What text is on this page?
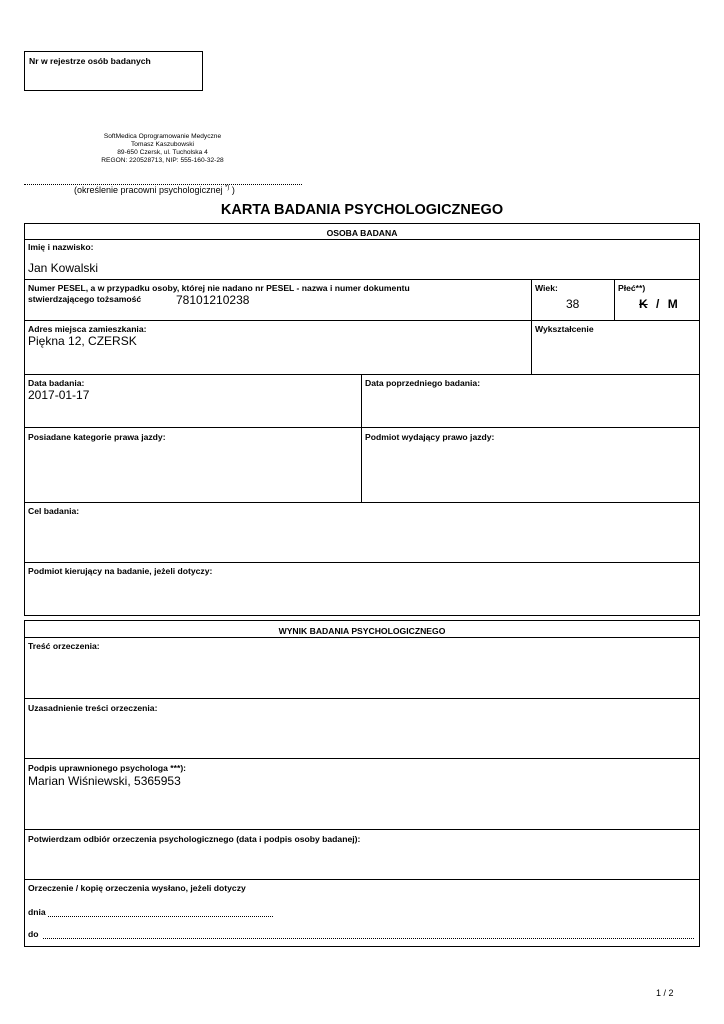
Nr w rejestrze osób badanych
SoftMedica Oprogramowanie Medyczne
Tomasz Kaszubowski
89-650 Czersk, ul. Tucholska 4
REGON: 220528713, NIP: 555-160-32-28
(określenie pracowni psychologicznej *) )
KARTA BADANIA PSYCHOLOGICZNEGO
OSOBA BADANA
Imię i nazwisko:
Jan Kowalski
Numer PESEL, a w przypadku osoby, której nie nadano nr PESEL - nazwa i numer dokumentu
stwierdzającego tożsamość	78101210238
Wiek:
38
Płeć**)
K / M
Adres miejsca zamieszkania:
Piękna 12, CZERSK
Wykształcenie
Data badania:
2017-01-17
Data poprzedniego badania:
Posiadane kategorie prawa jazdy:	Podmiot wydający prawo jazdy:
Cel badania:
Podmiot kierujący na badanie, jeżeli dotyczy:
WYNIK BADANIA PSYCHOLOGICZNEGO
Treść orzeczenia:
Uzasadnienie treści orzeczenia:
Podpis uprawnionego psychologa ***):
Marian Wiśniewski, 5365953
Potwierdzam odbiór orzeczenia psychologicznego (data i podpis osoby badanej):
Orzeczenie / kopię orzeczenia wysłano, jeżeli dotyczy
dnia
do
1 / 2
